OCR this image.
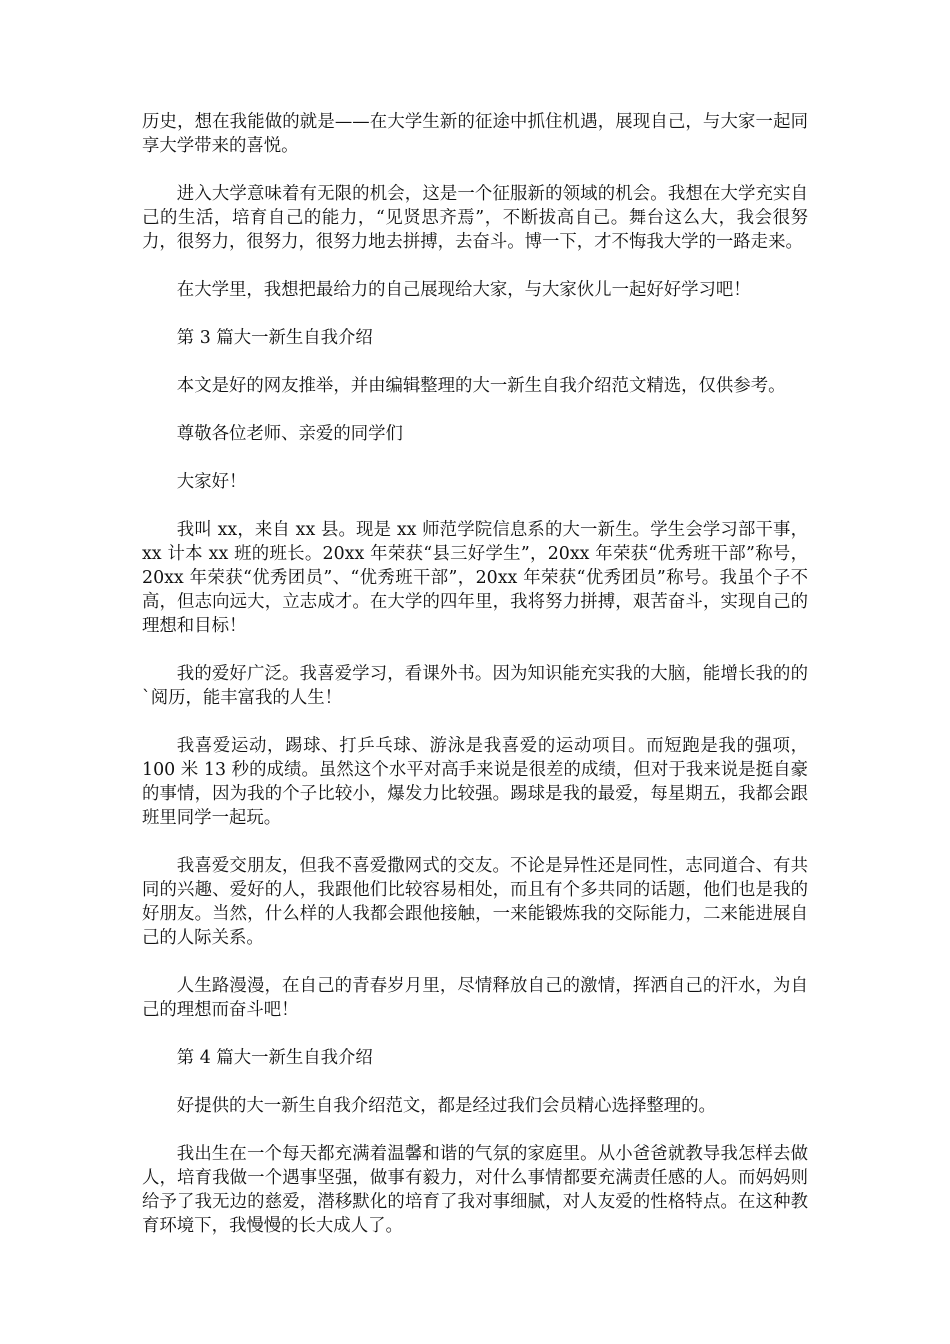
历史，想在我能做的就是——在大学生新的征途中抓住机遇，展现自己，与大家一起同享大学带来的喜悦。

进入大学意味着有无限的机会，这是一个征服新的领域的机会。我想在大学充实自己的生活，培育自己的能力，“见贤思齐焉”，不断拔高自己。舞台这么大，我会很努力，很努力，很努力，很努力地去拼搏，去奋斗。博一下，才不悔我大学的一路走来。

在大学里，我想把最给力的自己展现给大家，与大家伙儿一起好好学习吧！

第 3 篇大一新生自我介绍

本文是好的网友推举，并由编辑整理的大一新生自我介绍范文精选，仅供参考。

尊敬各位老师、亲爱的同学们

大家好！

我叫 xx，来自 xx 县。现是 xx 师范学院信息系的大一新生。学生会学习部干事，xx 计本 xx 班的班长。20xx 年荣获“县三好学生”，20xx 年荣获“优秀班干部”称号，20xx 年荣获“优秀团员”、“优秀班干部”，20xx 年荣获“优秀团员”称号。我虽个子不高，但志向远大，立志成才。在大学的四年里，我将努力拼搏，艰苦奋斗，实现自己的理想和目标！

我的爱好广泛。我喜爱学习，看课外书。因为知识能充实我的大脑，能增长我的的`阅历，能丰富我的人生！

我喜爱运动，踢球、打乒乓球、游泳是我喜爱的运动项目。而短跑是我的强项，100 米 13 秒的成绩。虽然这个水平对高手来说是很差的成绩，但对于我来说是挺自豪的事情，因为我的个子比较小，爆发力比较强。踢球是我的最爱，每星期五，我都会跟班里同学一起玩。

我喜爱交朋友，但我不喜爱撒网式的交友。不论是异性还是同性，志同道合、有共同的兴趣、爱好的人，我跟他们比较容易相处，而且有个多共同的话题，他们也是我的好朋友。当然，什么样的人我都会跟他接触，一来能锻炼我的交际能力，二来能进展自己的人际关系。

人生路漫漫，在自己的青春岁月里，尽情释放自己的激情，挥洒自己的汗水，为自己的理想而奋斗吧！

第 4 篇大一新生自我介绍

好提供的大一新生自我介绍范文，都是经过我们会员精心选择整理的。

我出生在一个每天都充满着温馨和谐的气氛的家庭里。从小爸爸就教导我怎样去做人，培育我做一个遇事坚强，做事有毅力，对什么事情都要充满责任感的人。而妈妈则给予了我无边的慈爱，潜移默化的培育了我对事细腻，对人友爱的性格特点。在这种教育环境下，我慢慢的长大成人了。
